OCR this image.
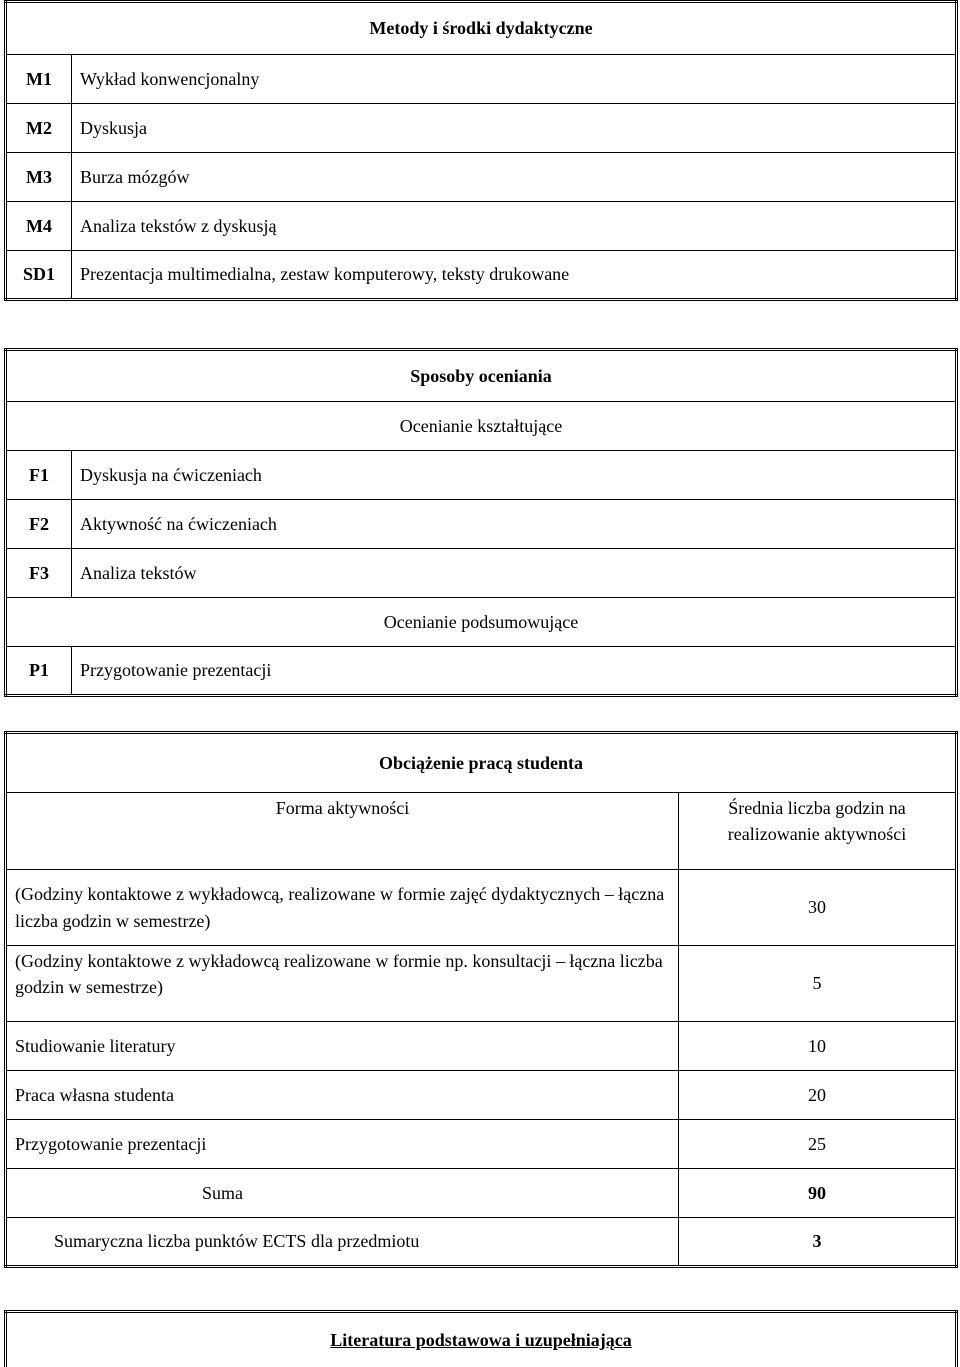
Metody i środki dydaktyczne	
M1	Wykład konwencjonalny
M2	Dyskusja
M3	Burza mózgów
M4	Analiza tekstów z dyskusją
SD1	Prezentacja multimedialna, zestaw komputerowy, teksty drukowane
Sposoby oceniania	
Ocenianie kształtujące	
F1	Dyskusja na ćwiczeniach
F2	Aktywność na ćwiczeniach
F3	Analiza tekstów
Ocenianie podsumowujące	
P1	Przygotowanie prezentacji
Obciążenie pracą studenta	
Forma aktywności	Średnia liczba godzin na realizowanie aktywności
(Godziny kontaktowe z wykładowcą, realizowane w formie zajęć dydaktycznych – łączna liczba godzin w semestrze)	30
(Godziny kontaktowe z wykładowcą realizowane w formie np. konsultacji – łączna liczba godzin w semestrze)	5
Studiowanie literatury	10
Praca własna studenta	20
Przygotowanie prezentacji	25
Suma	90
Sumaryczna liczba punktów ECTS dla przedmiotu	3
Literatura podstawowa i uzupełniająca
